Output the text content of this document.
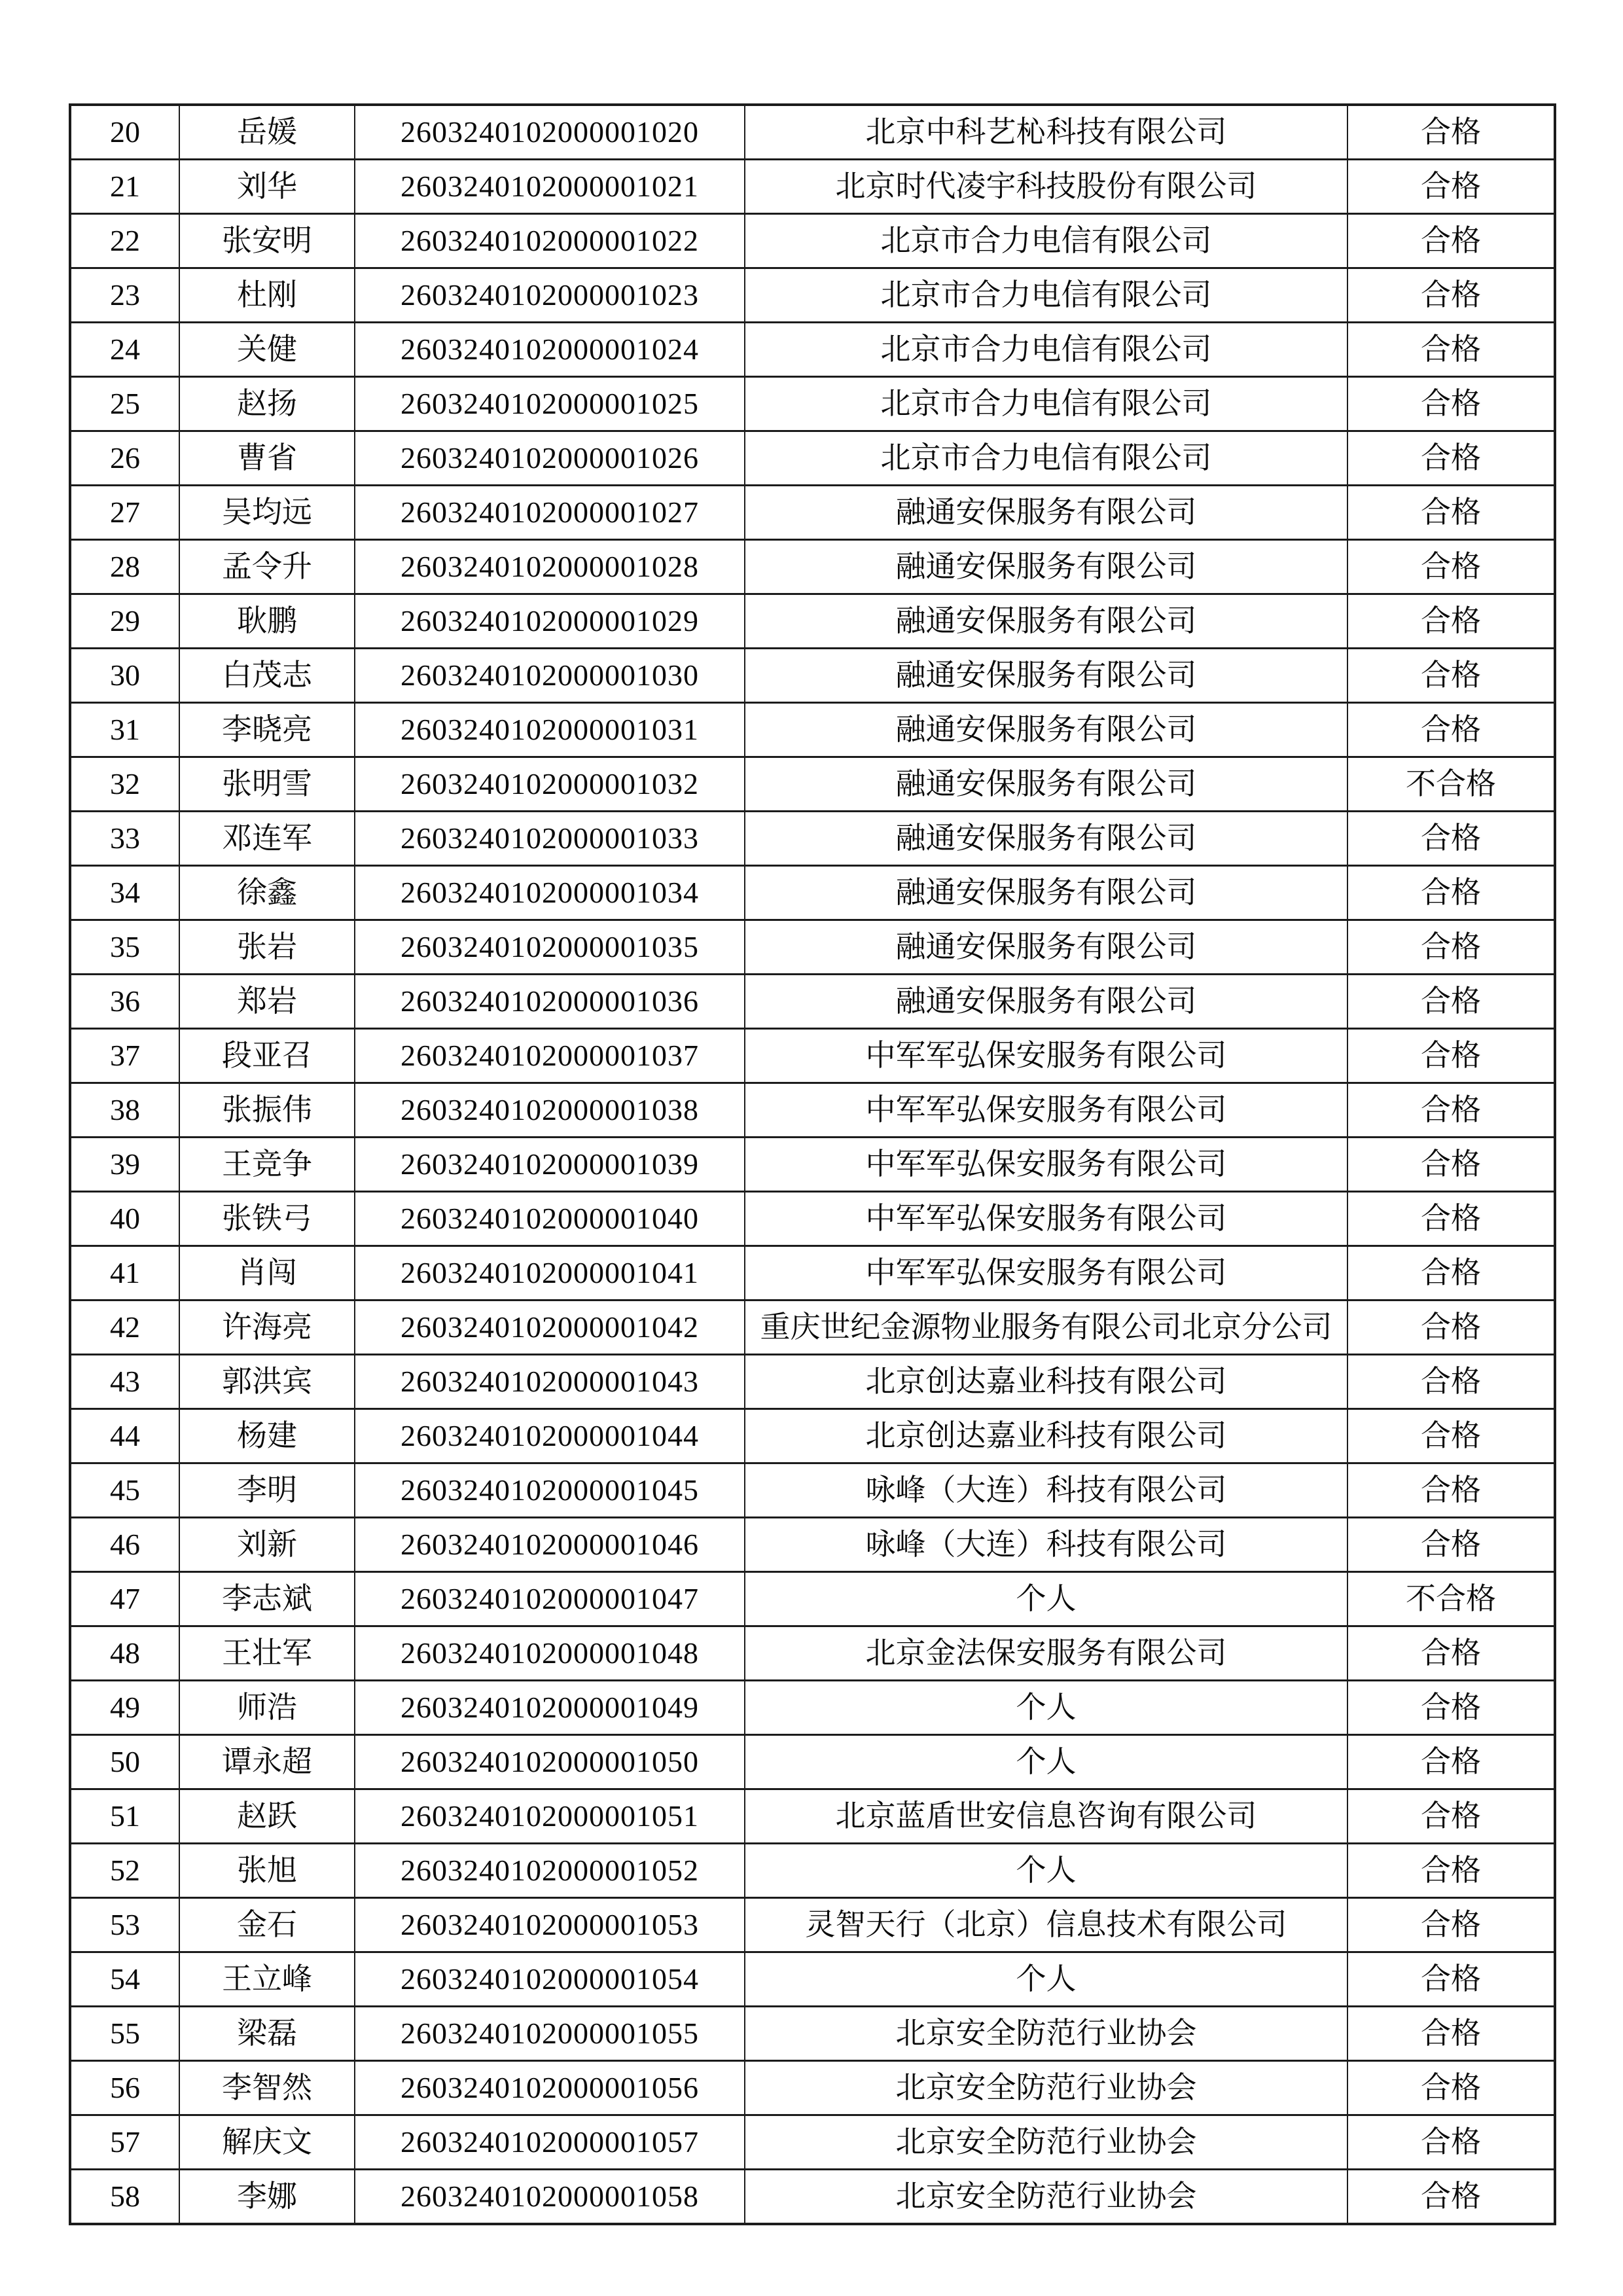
20	岳媛	2603240102000001020	北京中科艺杺科技有限公司	合格
21	刘华	2603240102000001021	北京时代凌宇科技股份有限公司	合格
22	张安明	2603240102000001022	北京市合力电信有限公司	合格
23	杜刚	2603240102000001023	北京市合力电信有限公司	合格
24	关健	2603240102000001024	北京市合力电信有限公司	合格
25	赵扬	2603240102000001025	北京市合力电信有限公司	合格
26	曹省	2603240102000001026	北京市合力电信有限公司	合格
27	吴均远	2603240102000001027	融通安保服务有限公司	合格
28	孟令升	2603240102000001028	融通安保服务有限公司	合格
29	耿鹏	2603240102000001029	融通安保服务有限公司	合格
30	白茂志	2603240102000001030	融通安保服务有限公司	合格
31	李晓亮	2603240102000001031	融通安保服务有限公司	合格
32	张明雪	2603240102000001032	融通安保服务有限公司	不合格
33	邓连军	2603240102000001033	融通安保服务有限公司	合格
34	徐鑫	2603240102000001034	融通安保服务有限公司	合格
35	张岩	2603240102000001035	融通安保服务有限公司	合格
36	郑岩	2603240102000001036	融通安保服务有限公司	合格
37	段亚召	2603240102000001037	中军军弘保安服务有限公司	合格
38	张振伟	2603240102000001038	中军军弘保安服务有限公司	合格
39	王竞争	2603240102000001039	中军军弘保安服务有限公司	合格
40	张铁弓	2603240102000001040	中军军弘保安服务有限公司	合格
41	肖闯	2603240102000001041	中军军弘保安服务有限公司	合格
42	许海亮	2603240102000001042	重庆世纪金源物业服务有限公司北京分公司	合格
43	郭洪宾	2603240102000001043	北京创达嘉业科技有限公司	合格
44	杨建	2603240102000001044	北京创达嘉业科技有限公司	合格
45	李明	2603240102000001045	咏峰（大连）科技有限公司	合格
46	刘新	2603240102000001046	咏峰（大连）科技有限公司	合格
47	李志斌	2603240102000001047	个人	不合格
48	王壮军	2603240102000001048	北京金法保安服务有限公司	合格
49	师浩	2603240102000001049	个人	合格
50	谭永超	2603240102000001050	个人	合格
51	赵跃	2603240102000001051	北京蓝盾世安信息咨询有限公司	合格
52	张旭	2603240102000001052	个人	合格
53	金石	2603240102000001053	灵智天行（北京）信息技术有限公司	合格
54	王立峰	2603240102000001054	个人	合格
55	梁磊	2603240102000001055	北京安全防范行业协会	合格
56	李智然	2603240102000001056	北京安全防范行业协会	合格
57	解庆文	2603240102000001057	北京安全防范行业协会	合格
58	李娜	2603240102000001058	北京安全防范行业协会	合格
